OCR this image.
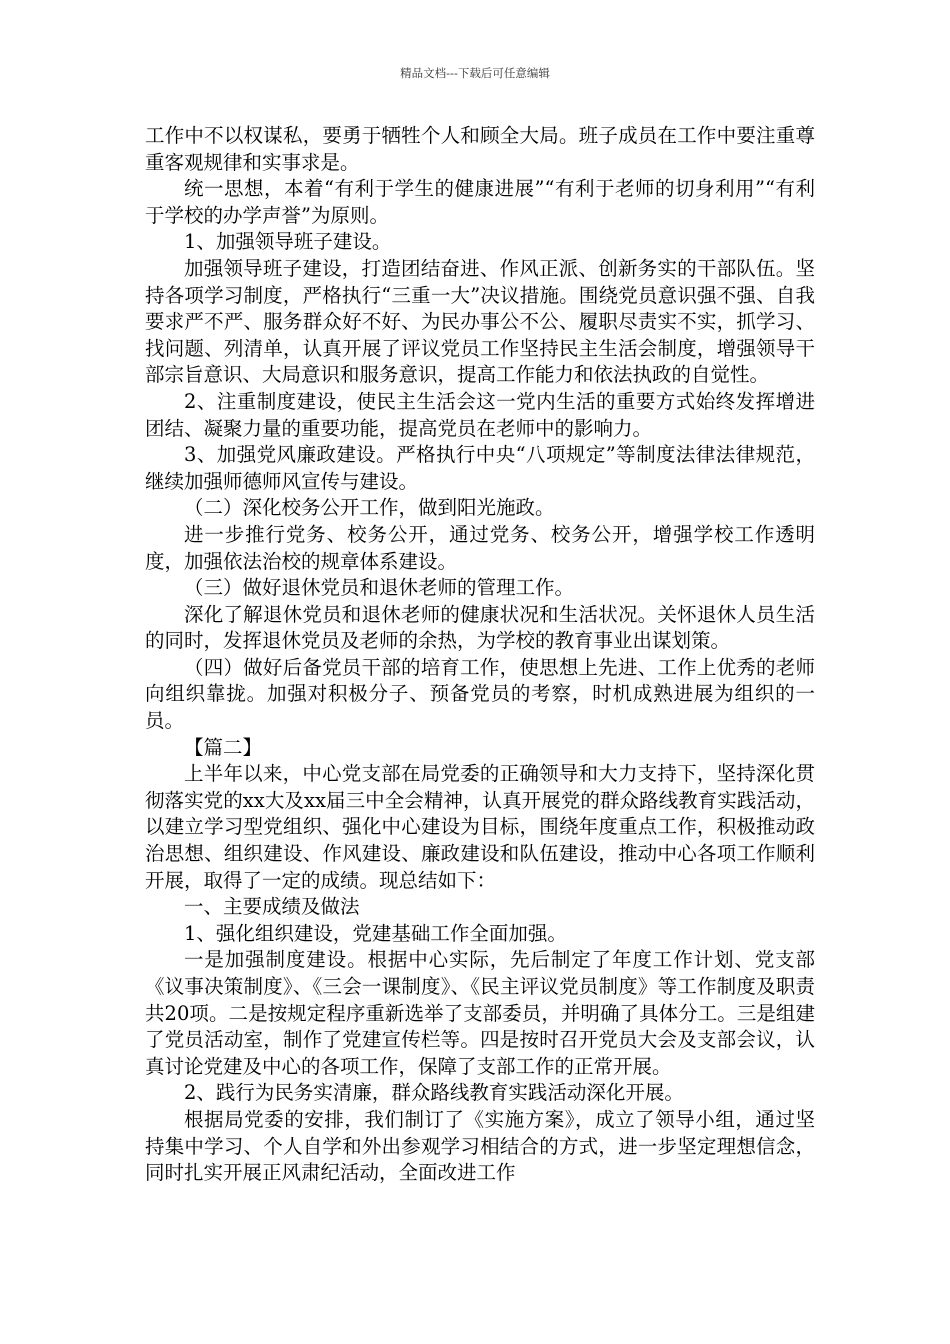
精品文档---下载后可任意编辑

工作中不以权谋私，要勇于牺牲个人和顾全大局。班子成员在工作中要注重尊重客观规律和实事求是。

统一思想，本着“有利于学生的健康进展”“有利于老师的切身利用”“有利于学校的办学声誉”为原则。

1、加强领导班子建设。

加强领导班子建设，打造团结奋进、作风正派、创新务实的干部队伍。坚持各项学习制度，严格执行“三重一大”决议措施。围绕党员意识强不强、自我要求严不严、服务群众好不好、为民办事公不公、履职尽责实不实，抓学习、找问题、列清单，认真开展了评议党员工作坚持民主生活会制度，增强领导干部宗旨意识、大局意识和服务意识，提高工作能力和依法执政的自觉性。

2、注重制度建设，使民主生活会这一党内生活的重要方式始终发挥增进团结、凝聚力量的重要功能，提高党员在老师中的影响力。

3、加强党风廉政建设。严格执行中央“八项规定”等制度法律法律规范，继续加强师德师风宣传与建设。

（二）深化校务公开工作，做到阳光施政。

进一步推行党务、校务公开，通过党务、校务公开，增强学校工作透明度，加强依法治校的规章体系建设。

（三）做好退休党员和退休老师的管理工作。

深化了解退休党员和退休老师的健康状况和生活状况。关怀退休人员生活的同时，发挥退休党员及老师的余热，为学校的教育事业出谋划策。

（四）做好后备党员干部的培育工作，使思想上先进、工作上优秀的老师向组织靠拢。加强对积极分子、预备党员的考察，时机成熟进展为组织的一员。

【篇二】

上半年以来，中心党支部在局党委的正确领导和大力支持下，坚持深化贯彻落实党的xx大及xx届三中全会精神，认真开展党的群众路线教育实践活动，以建立学习型党组织、强化中心建设为目标，围绕年度重点工作，积极推动政治思想、组织建设、作风建设、廉政建设和队伍建设，推动中心各项工作顺利开展，取得了一定的成绩。现总结如下：

一、主要成绩及做法

1、强化组织建设，党建基础工作全面加强。

一是加强制度建设。根据中心实际，先后制定了年度工作计划、党支部《议事决策制度》、《三会一课制度》、《民主评议党员制度》等工作制度及职责共20项。二是按规定程序重新选举了支部委员，并明确了具体分工。三是组建了党员活动室，制作了党建宣传栏等。四是按时召开党员大会及支部会议，认真讨论党建及中心的各项工作，保障了支部工作的正常开展。

2、践行为民务实清廉，群众路线教育实践活动深化开展。

根据局党委的安排，我们制订了《实施方案》，成立了领导小组，通过坚持集中学习、个人自学和外出参观学习相结合的方式，进一步坚定理想信念，同时扎实开展正风肃纪活动，全面改进工作
